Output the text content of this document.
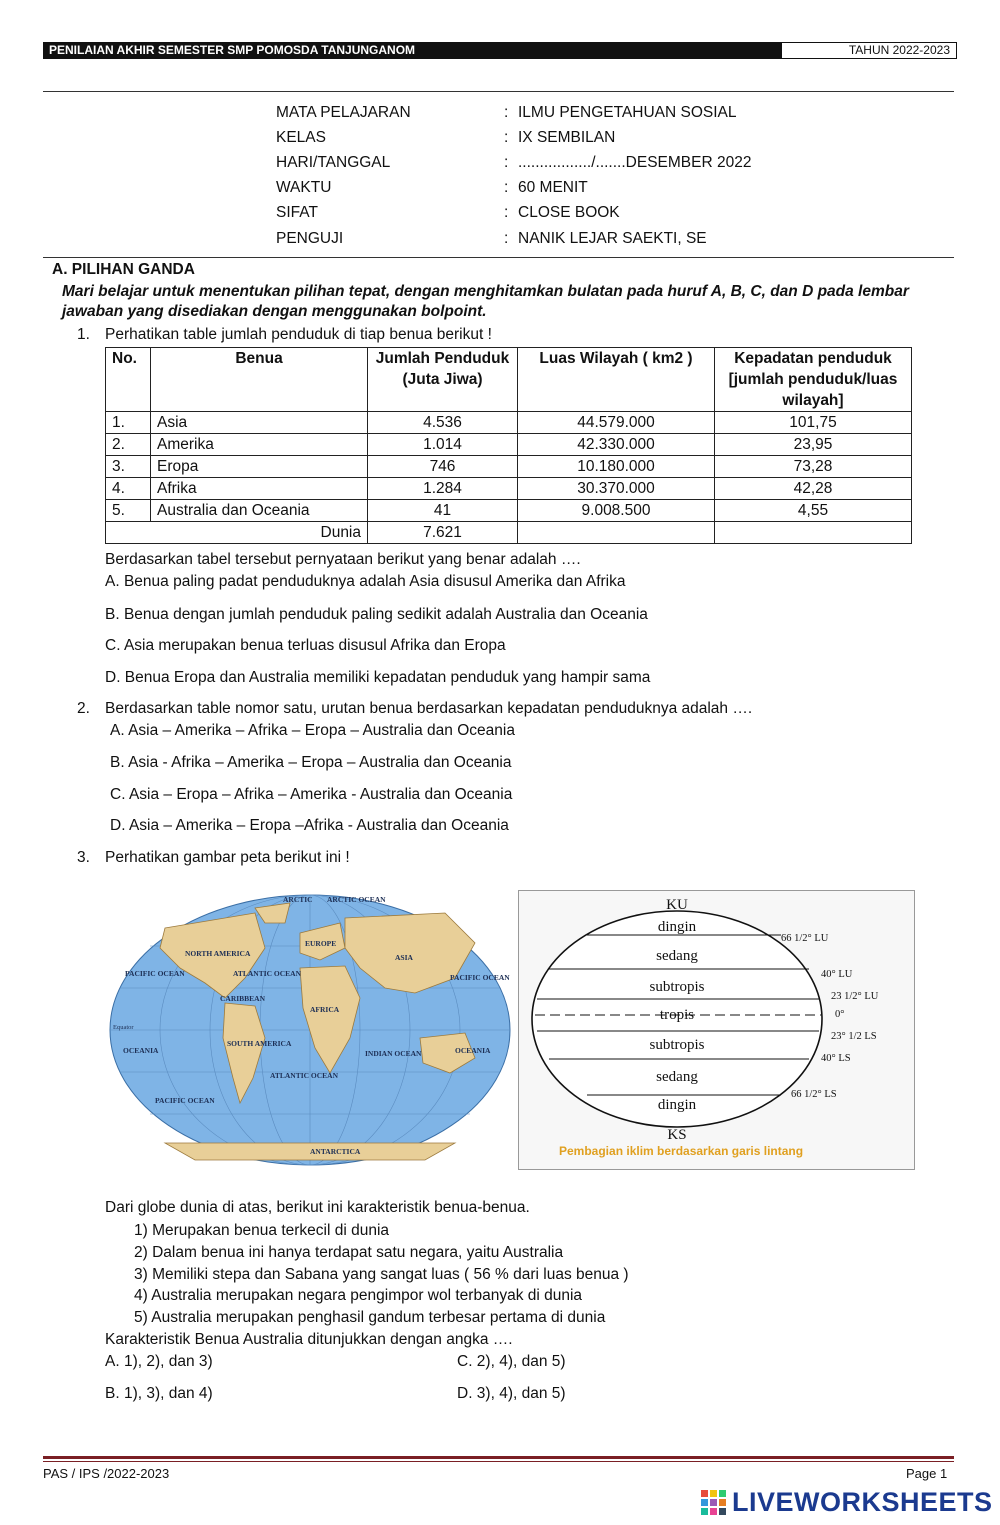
PENILAIAN AKHIR SEMESTER SMP POMOSDA TANJUNGANOM	TAHUN 2022-2023
MATA PELAJARAN	: ILMU PENGETAHUAN SOSIAL
KELAS	: IX SEMBILAN
HARI/TANGGAL	: ................./.......DESEMBER 2022
WAKTU	: 60 MENIT
SIFAT	: CLOSE BOOK
PENGUJI	: NANIK LEJAR SAEKTI, SE
A. PILIHAN GANDA
Mari belajar untuk menentukan pilihan tepat, dengan menghitamkan bulatan pada huruf A, B, C, dan D pada lembar
jawaban yang disediakan dengan menggunakan bolpoint.
1. Perhatikan table jumlah penduduk di tiap benua berikut !
No.	Benua	Jumlah Penduduk (Juta Jiwa)	Luas Wilayah ( km2 )	Kepadatan penduduk [jumlah penduduk/luas wilayah]
1.	Asia	4.536	44.579.000	101,75
2.	Amerika	1.014	42.330.000	23,95
3.	Eropa	746	10.180.000	73,28
4.	Afrika	1.284	30.370.000	42,28
5.	Australia dan Oceania	41	9.008.500	4,55
Dunia		7.621		
Berdasarkan tabel tersebut pernyataan berikut yang benar adalah ….
A. Benua paling padat penduduknya adalah Asia disusul Amerika dan Afrika
B. Benua dengan jumlah penduduk paling sedikit adalah Australia dan Oceania
C. Asia merupakan benua terluas disusul Afrika dan Eropa
D. Benua Eropa dan Australia memiliki kepadatan penduduk yang hampir sama
2. Berdasarkan table nomor satu, urutan benua berdasarkan kepadatan penduduknya adalah ….
A. Asia – Amerika – Afrika – Eropa – Australia dan Oceania
B. Asia - Afrika – Amerika – Eropa – Australia dan Oceania
C. Asia – Eropa – Afrika – Amerika - Australia dan Oceania
D. Asia – Amerika – Eropa –Afrika - Australia dan Oceania
3. Perhatikan gambar peta berikut ini !
ARCTIC ARCTIC OCEAN
NORTH AMERICA
EUROPE
ASIA
PACIFIC OCEAN	PACIFIC OCEAN
ATLANTIC OCEAN
CARIBBEAN
AFRICA
SOUTH AMERICA
INDIAN OCEAN	OCEANIA
OCEANIA
ATLANTIC OCEAN
PACIFIC OCEAN
ANTARCTICA
Equator
KU
dingin
sedang
subtropis
tropis
subtropis
sedang
dingin
KS
66 1/2° LU
40° LU
23 1/2° LU
0°
23° 1/2 LS
40° LS
66 1/2° LS
Pembagian iklim berdasarkan garis lintang
Dari globe dunia di atas, berikut ini karakteristik benua-benua.
1) Merupakan benua terkecil di dunia
2) Dalam benua ini hanya terdapat satu negara, yaitu Australia
3) Memiliki stepa dan Sabana yang sangat luas ( 56 % dari luas benua )
4) Australia merupakan negara pengimpor wol terbanyak di dunia
5) Australia merupakan penghasil gandum terbesar pertama di dunia
Karakteristik Benua Australia ditunjukkan dengan angka ….
A. 1), 2), dan 3)	C. 2), 4), dan 5)
B. 1), 3), dan 4)	D. 3), 4), dan 5)
PAS / IPS /2022-2023	Page 1
LIVEWORKSHEETS
